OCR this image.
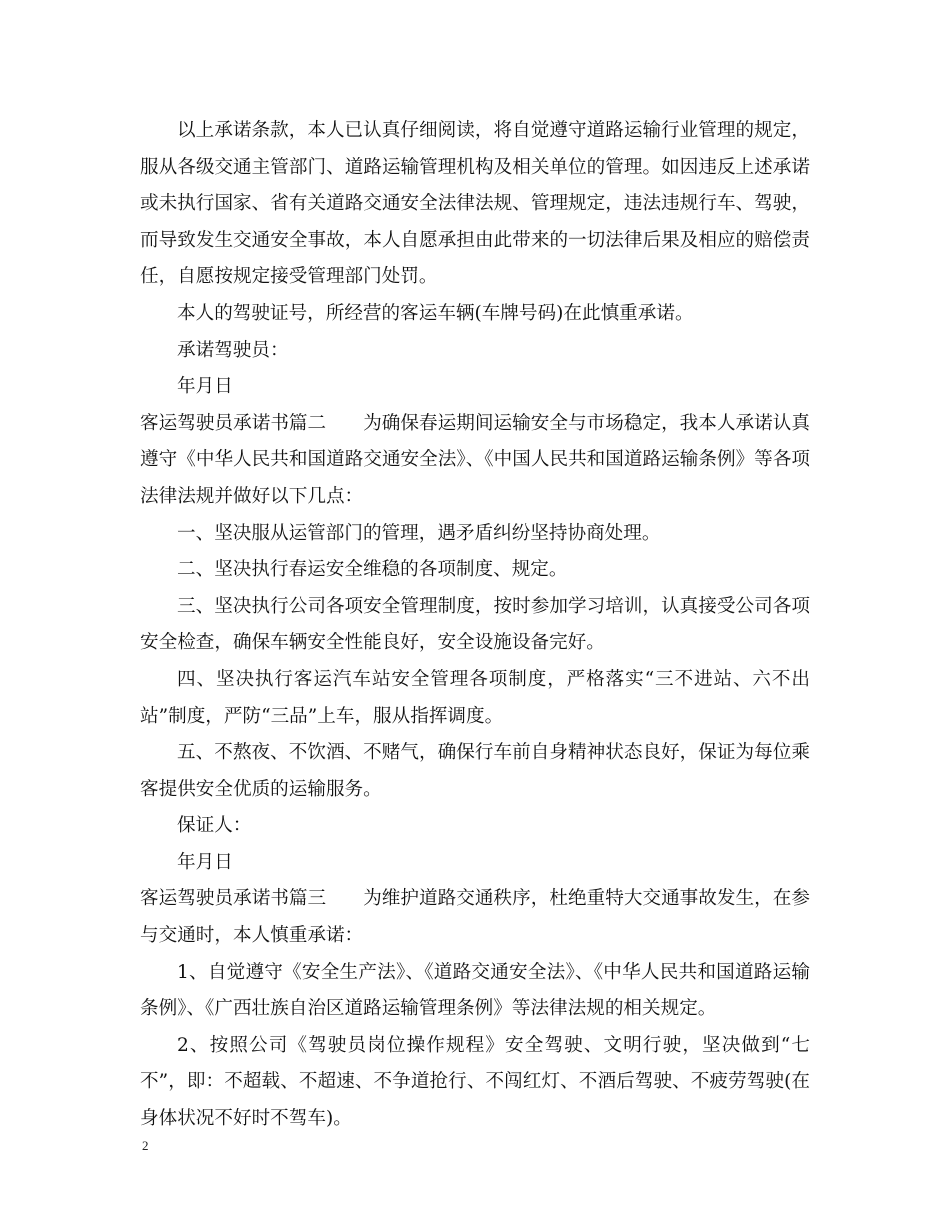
以上承诺条款，本人已认真仔细阅读，将自觉遵守道路运输行业管理的规定，服从各级交通主管部门、道路运输管理机构及相关单位的管理。如因违反上述承诺或未执行国家、省有关道路交通安全法律法规、管理规定，违法违规行车、驾驶，而导致发生交通安全事故，本人自愿承担由此带来的一切法律后果及相应的赔偿责任，自愿按规定接受管理部门处罚。

本人的驾驶证号，所经营的客运车辆(车牌号码)在此慎重承诺。

承诺驾驶员：

年月日

客运驾驶员承诺书篇二 为确保春运期间运输安全与市场稳定，我本人承诺认真遵守《中华人民共和国道路交通安全法》、《中国人民共和国道路运输条例》等各项法律法规并做好以下几点：

一、坚决服从运管部门的管理，遇矛盾纠纷坚持协商处理。

二、坚决执行春运安全维稳的各项制度、规定。

三、坚决执行公司各项安全管理制度，按时参加学习培训，认真接受公司各项安全检查，确保车辆安全性能良好，安全设施设备完好。

四、坚决执行客运汽车站安全管理各项制度，严格落实“三不进站、六不出站”制度，严防“三品”上车，服从指挥调度。

五、不熬夜、不饮酒、不赌气，确保行车前自身精神状态良好，保证为每位乘客提供安全优质的运输服务。

保证人：

年月日

客运驾驶员承诺书篇三 为维护道路交通秩序，杜绝重特大交通事故发生，在参与交通时，本人慎重承诺：

1、自觉遵守《安全生产法》、《道路交通安全法》、《中华人民共和国道路运输条例》、《广西壮族自治区道路运输管理条例》等法律法规的相关规定。

2、按照公司《驾驶员岗位操作规程》安全驾驶、文明行驶，坚决做到“七不”，即：不超载、不超速、不争道抢行、不闯红灯、不酒后驾驶、不疲劳驾驶(在身体状况不好时不驾车)。

2
